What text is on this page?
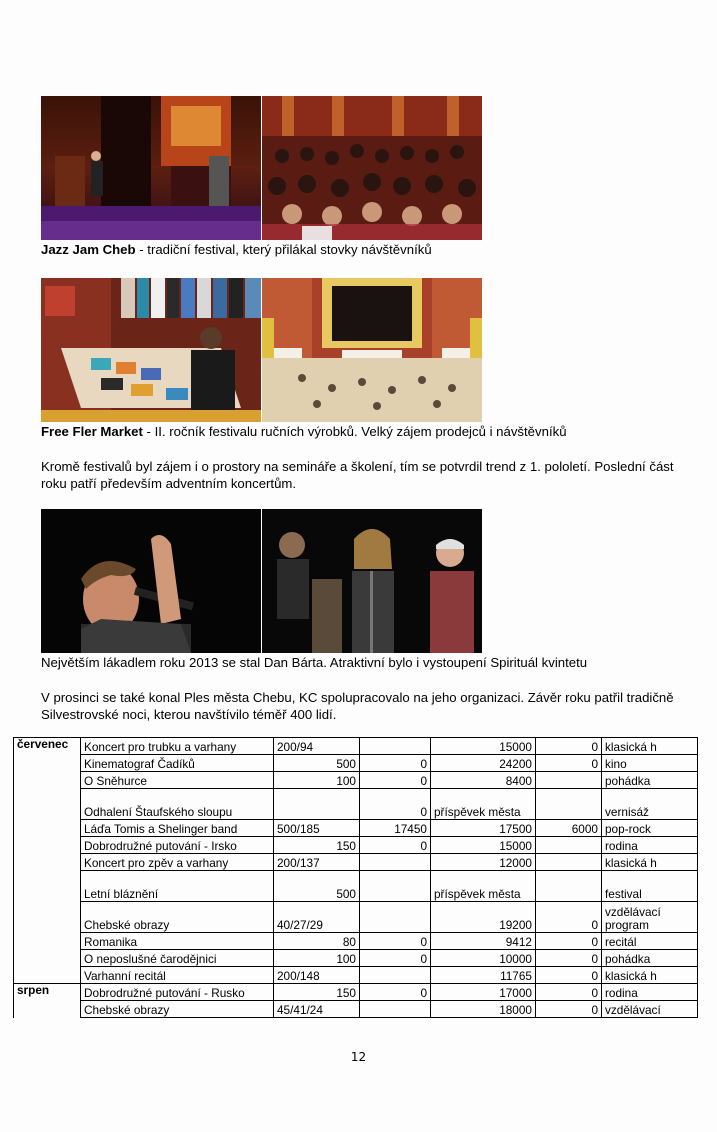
Jazz Jam Cheb - tradiční festival, který přilákal stovky návštěvníků
Free Fler Market - II. ročník festivalu ručních výrobků. Velký zájem prodejců i návštěvníků
Kromě festivalů byl zájem i o prostory na semináře a školení, tím se potvrdil trend z 1. pololetí. Poslední část roku patří především adventním koncertům.
Největším lákadlem roku 2013 se stal Dan Bárta. Atraktivní bylo i vystoupení Spirituál kvintetu
V prosinci se také konal Ples města Chebu, KC spolupracovalo na jeho organizaci. Závěr roku patřil tradičně Silvestrovské noci, kterou navštívilo téměř 400 lidí.
červenec	Koncert pro trubku a varhany	200/94		15000	0	klasická h
	Kinematograf Čadíků	500	0	24200	0	kino
	O Sněhurce	100	0	8400		pohádka
	Odhalení Štaufského sloupu		0	příspěvek města		vernisáž
	Láďa Tomis a Shelinger band	500/185	17450	17500	6000	pop-rock
	Dobrodružné putování - Irsko	150	0	15000		rodina
	Koncert pro zpěv a varhany	200/137		12000		klasická h
	Letní bláznění	500		příspěvek města		festival
	Chebské obrazy	40/27/29		19200	0	vzdělávací program
	Romanika	80	0	9412	0	recitál
	O neposlušné čarodějnici	100	0	10000	0	pohádka
	Varhanní recitál	200/148		11765	0	klasická h
srpen	Dobrodružné putování - Rusko	150	0	17000	0	rodina
	Chebské obrazy	45/41/24		18000	0	vzdělávací
12
